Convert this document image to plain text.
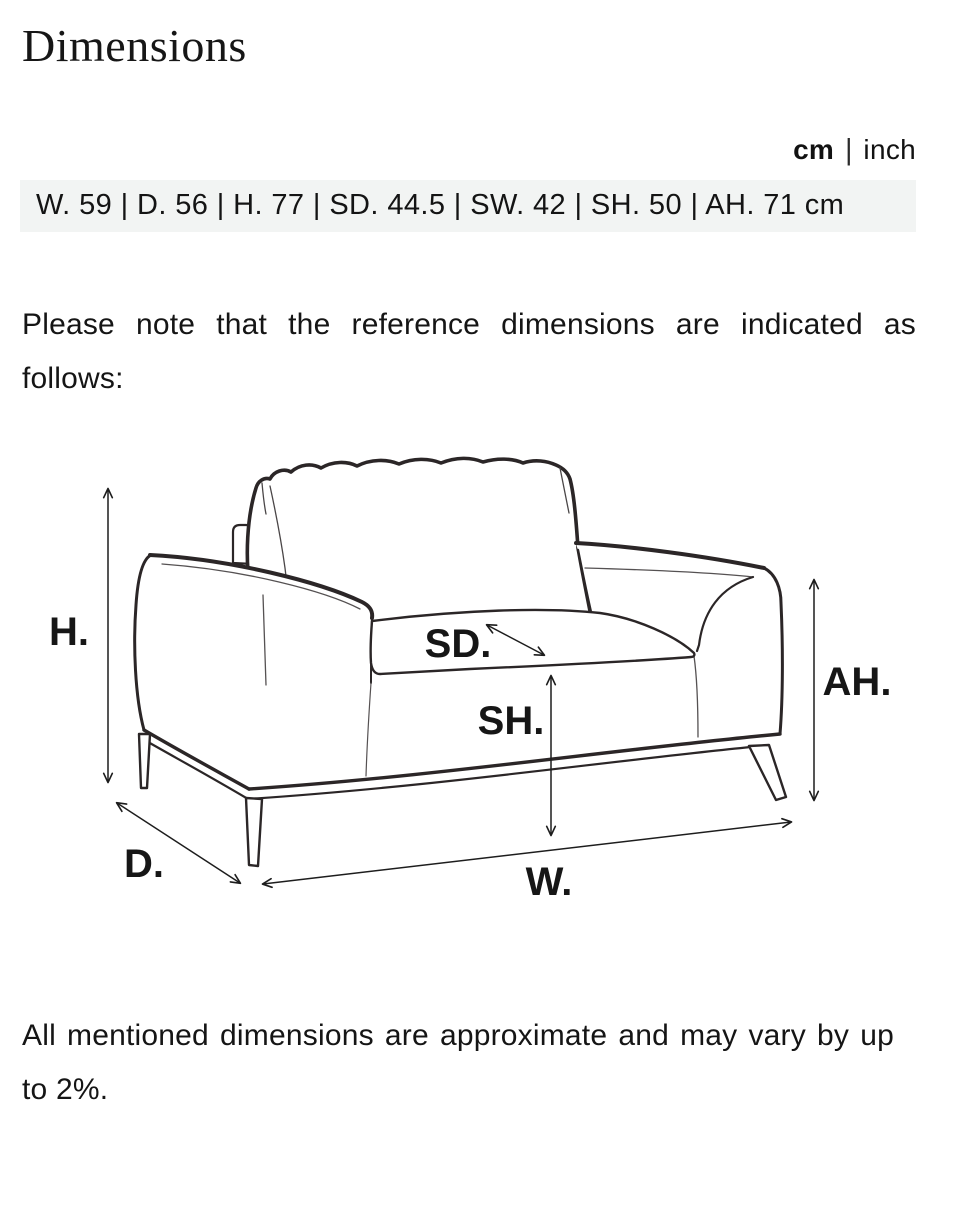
Dimensions
cm | inch
W. 59 | D. 56 | H. 77 | SD. 44.5 | SW. 42 | SH. 50 | AH. 71 cm

Please note that the reference dimensions are indicated as follows:

H.
D.	W.
SD.
SH.
AH.

All mentioned dimensions are approximate and may vary by up to 2%.
